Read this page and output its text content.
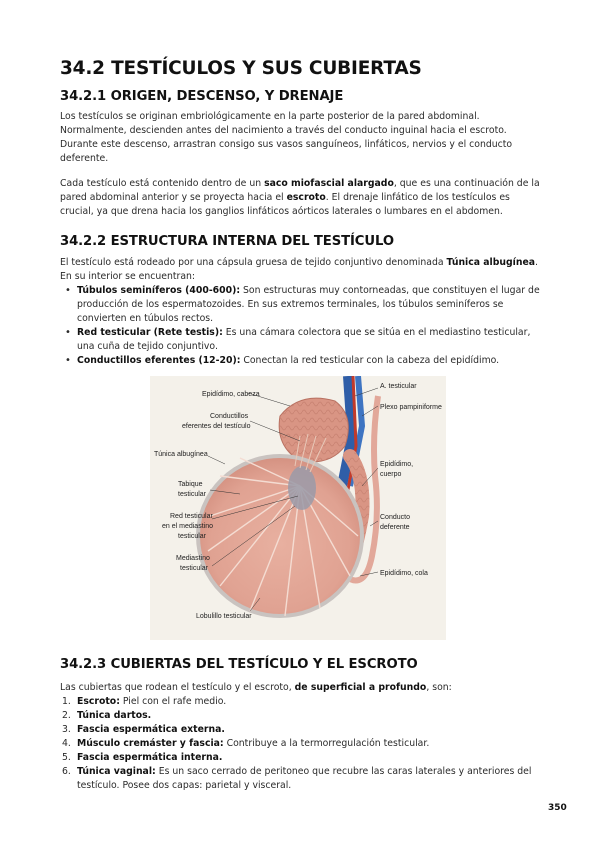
34.2 TESTÍCULOS Y SUS CUBIERTAS
34.2.1 ORIGEN, DESCENSO, Y DRENAJE

Los testículos se originan embriológicamente en la parte posterior de la pared abdominal. Normalmente, descienden antes del nacimiento a través del conducto inguinal hacia el escroto. Durante este descenso, arrastran consigo sus vasos sanguíneos, linfáticos, nervios y el conducto deferente.

Cada testículo está contenido dentro de un saco miofascial alargado, que es una continuación de la pared abdominal anterior y se proyecta hacia el escroto. El drenaje linfático de los testículos es crucial, ya que drena hacia los ganglios linfáticos aórticos laterales o lumbares en el abdomen.

34.2.2 ESTRUCTURA INTERNA DEL TESTÍCULO

El testículo está rodeado por una cápsula gruesa de tejido conjuntivo denominada Túnica albugínea. En su interior se encuentran:

• Túbulos seminíferos (400-600): Son estructuras muy contorneadas, que constituyen el lugar de producción de los espermatozoides. En sus extremos terminales, los túbulos seminíferos se convierten en túbulos rectos.
• Red testicular (Rete testis): Es una cámara colectora que se sitúa en el mediastino testicular, una cuña de tejido conjuntivo.
• Conductillos eferentes (12-20): Conectan la red testicular con la cabeza del epidídimo.
Epidídimo, cabeza
Conductillos
eferentes del testículo
Túnica albugínea
Tabique
testicular
Red testicular
en el mediastino
testicular
Mediastino
testicular
Lobulillo testicular
A. testicular
Plexo pampiniforme
Epidídimo,
cuerpo
Conducto
deferente
Epidídimo, cola
34.2.3 CUBIERTAS DEL TESTÍCULO Y EL ESCROTO

Las cubiertas que rodean el testículo y el escroto, de superficial a profundo, son:

1. Escroto: Piel con el rafe medio.
2. Túnica dartos.
3. Fascia espermática externa.
4. Músculo cremáster y fascia: Contribuye a la termorregulación testicular.
5. Fascia espermática interna.
6. Túnica vaginal: Es un saco cerrado de peritoneo que recubre las caras laterales y anteriores del testículo. Posee dos capas: parietal y visceral.
350
